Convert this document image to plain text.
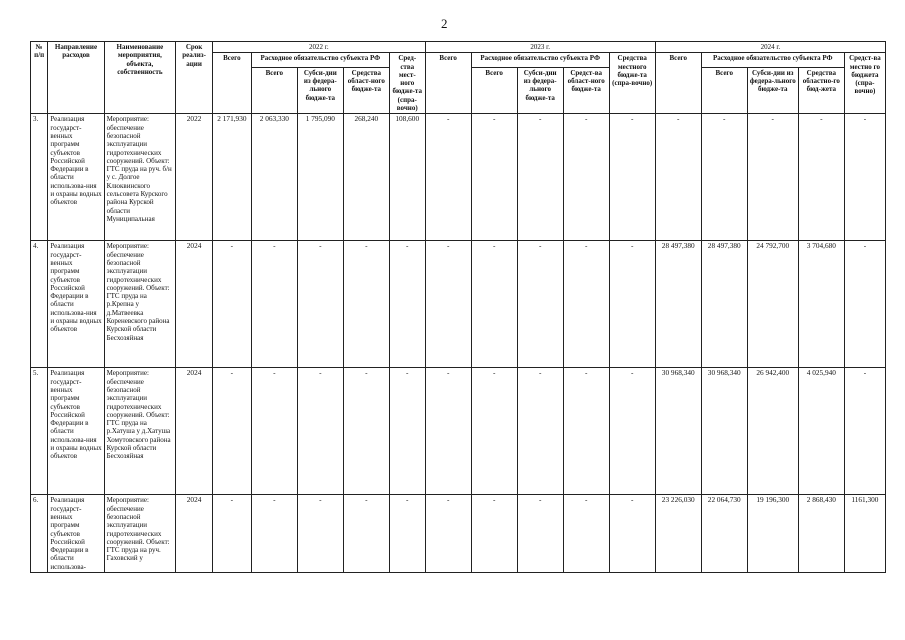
2
№ п/п	Направление расходов	Наименование мероприятия, объекта, собственность	Срок реализ-ации	2022 г.					2023 г.					2024 г.				
				Всего	Расходное обязательство субъекта РФ			Сред-ства мест-ного бюдже-та (спра-вочно)	Всего	Расходное обязательство субъекта РФ			Средства местного бюдже-та (спра-вочно)	Всего	Расходное обязательство субъекта РФ			Средст-ва местно го бюджета (спра-вочно)
					Всего	Субси-дии из федера-льного бюдже-та	Средства област-ного бюдже-та			Всего	Субси-дии из федера-льного бюдже-та	Средст-ва област-ного бюдже-та			Всего	Субси-дии из федера-льного бюдже-та	Средства областно-го бюд-жета	
3.	Реализация государст-венных программ субъектов Российской Федерации в области использова-ния и охраны водных объектов	Мероприятие: обеспечение безопасной эксплуатации гидротехнических сооружений. Объект: ГТС пруда на руч. б/н у с. Долгое Клюквинского сельсовета Курского района Курской области Муниципальная	2022	2 171,930	2 063,330	1 795,090	268,240	108,600	-	-	-	-	-	-	-	-	-	-
4.	Реализация государст-венных программ субъектов Российской Федерации в области использова-ния и охраны водных объектов	Мероприятие: обеспечение безопасной эксплуатации гидротехнических сооружений. Объект: ГТС пруда на р.Крепна у д.Матвеевка Кореневского района Курской области Бесхозяйная	2024	-	-	-	-	-	-	-	-	-	-	28 497,380	28 497,380	24 792,700	3 704,680	-
5.	Реализация государст-венных программ субъектов Российской Федерации в области использова-ния и охраны водных объектов	Мероприятие: обеспечение безопасной эксплуатации гидротехнических сооружений. Объект: ГТС пруда на р.Хатуша у д.Хатуша Хомутовского района Курской области Бесхозяйная	2024	-	-	-	-	-	-	-	-	-	-	30 968,340	30 968,340	26 942,400	4 025,940	-
6.	Реализация государст-венных программ субъектов Российской Федерации в области использова-	Мероприятие: обеспечение безопасной эксплуатации гидротехнических сооружений. Объект: ГТС пруда на руч. Гаховский у	2024	-	-	-	-	-	-	-	-	-	-	23 226,030	22 064,730	19 196,300	2 868,430	1161,300
